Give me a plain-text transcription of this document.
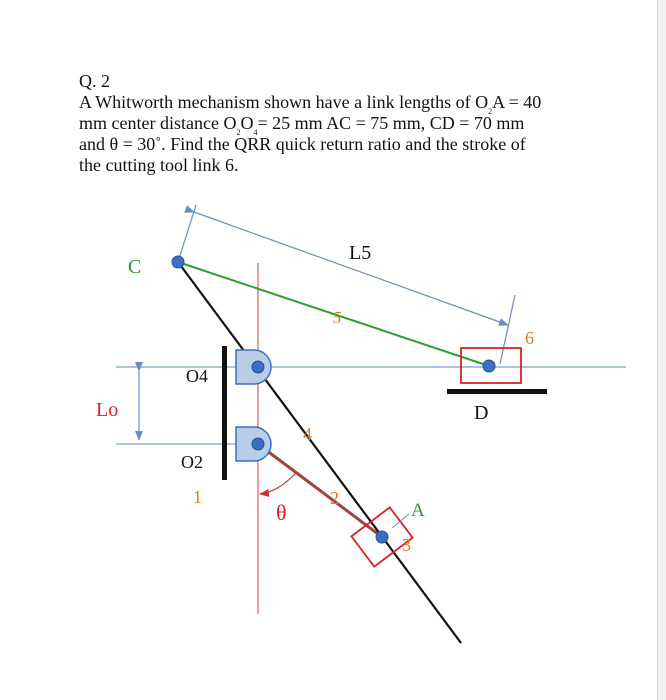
Q. 2
A Whitworth mechanism shown have a link lengths of $O_2A = 40$
mm center distance $O_2O_4= 25$ mm AC = 75 mm, CD = 70 mm
and θ = 30˚. Find the QRR quick return ratio and the stroke of
the cutting tool link 6.
C
L5
5
6
O4
Lo	D
4
O2
1	2
θ	A
3
